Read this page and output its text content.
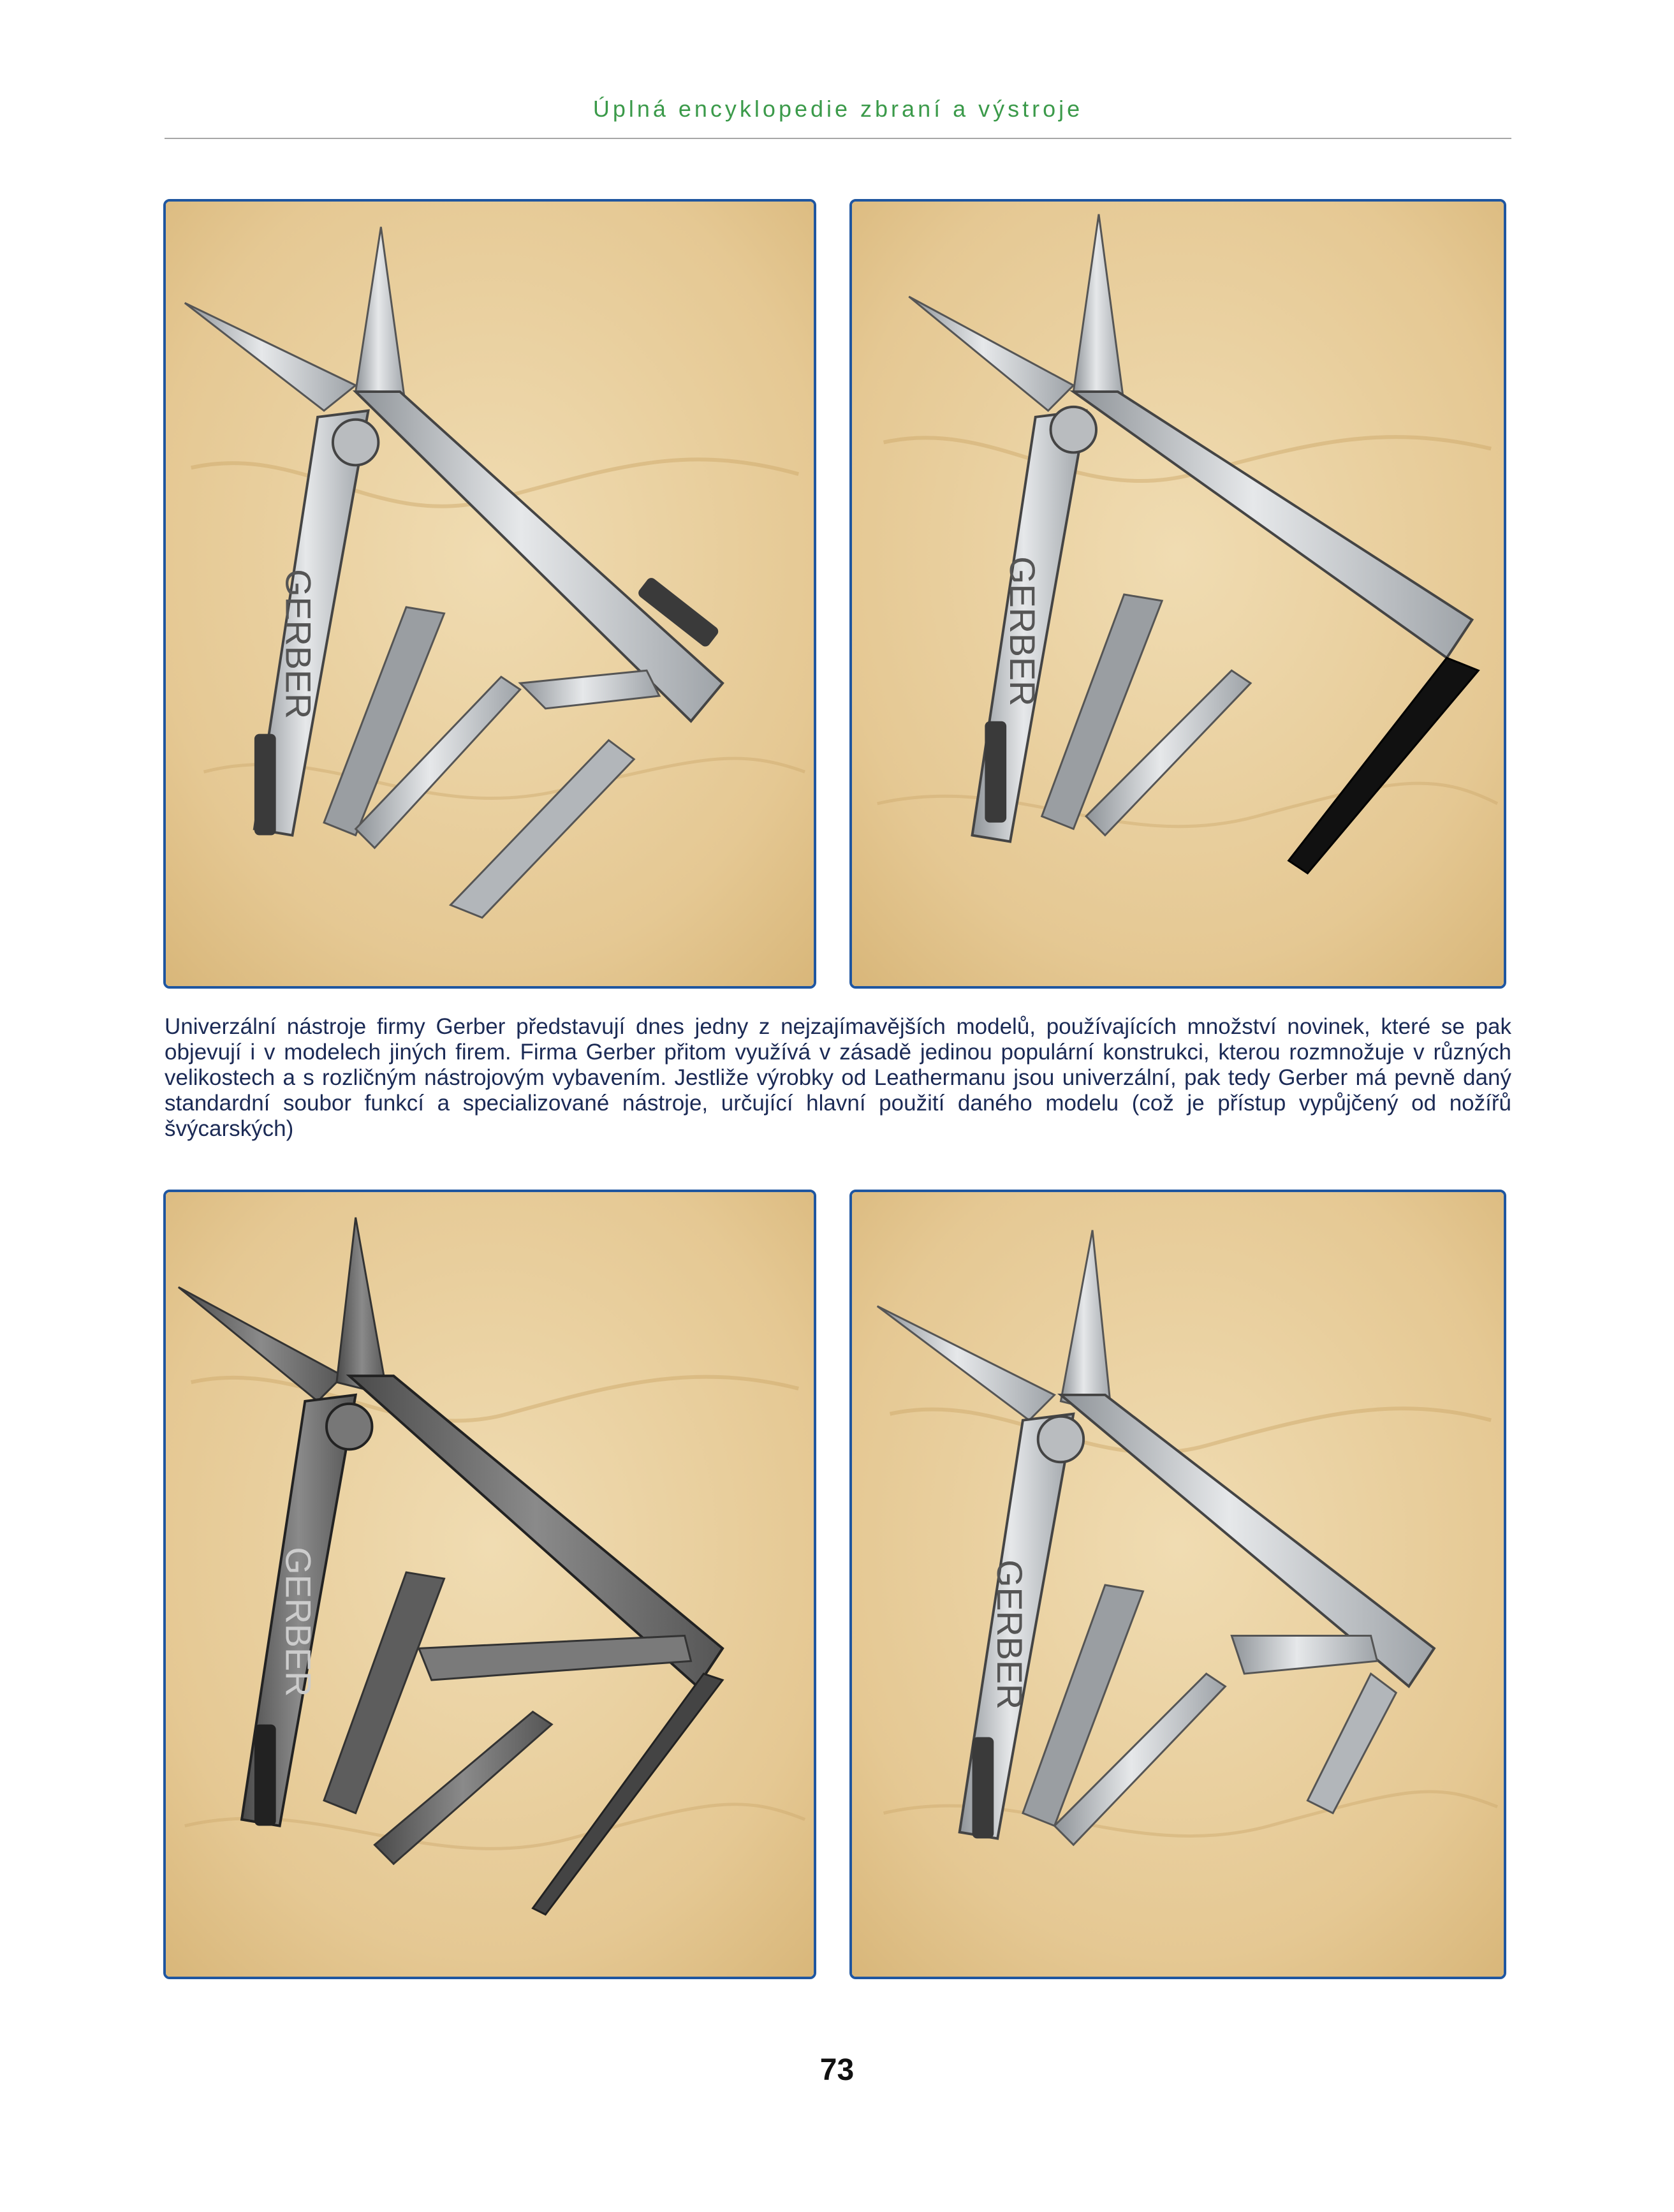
Úplná encyklopedie zbraní a výstroje
GERBER	GERBER

Univerzální nástroje firmy Gerber představují dnes jedny z nejzajímavějších modelů, používajících množství novinek, které se pak objevují i v modelech jiných firem. Firma Gerber přitom využívá v zásadě jedinou populární konstrukci, kterou rozmnožuje v různých velikostech a s rozličným nástrojovým vybavením. Jestliže výrobky od Leathermanu jsou univerzální, pak tedy Gerber má pevně daný standardní soubor funkcí a specializované nástroje, určující hlavní použití daného modelu (což je přístup vypůjčený od nožířů švýcarských)

GERBER	GERBER
73
